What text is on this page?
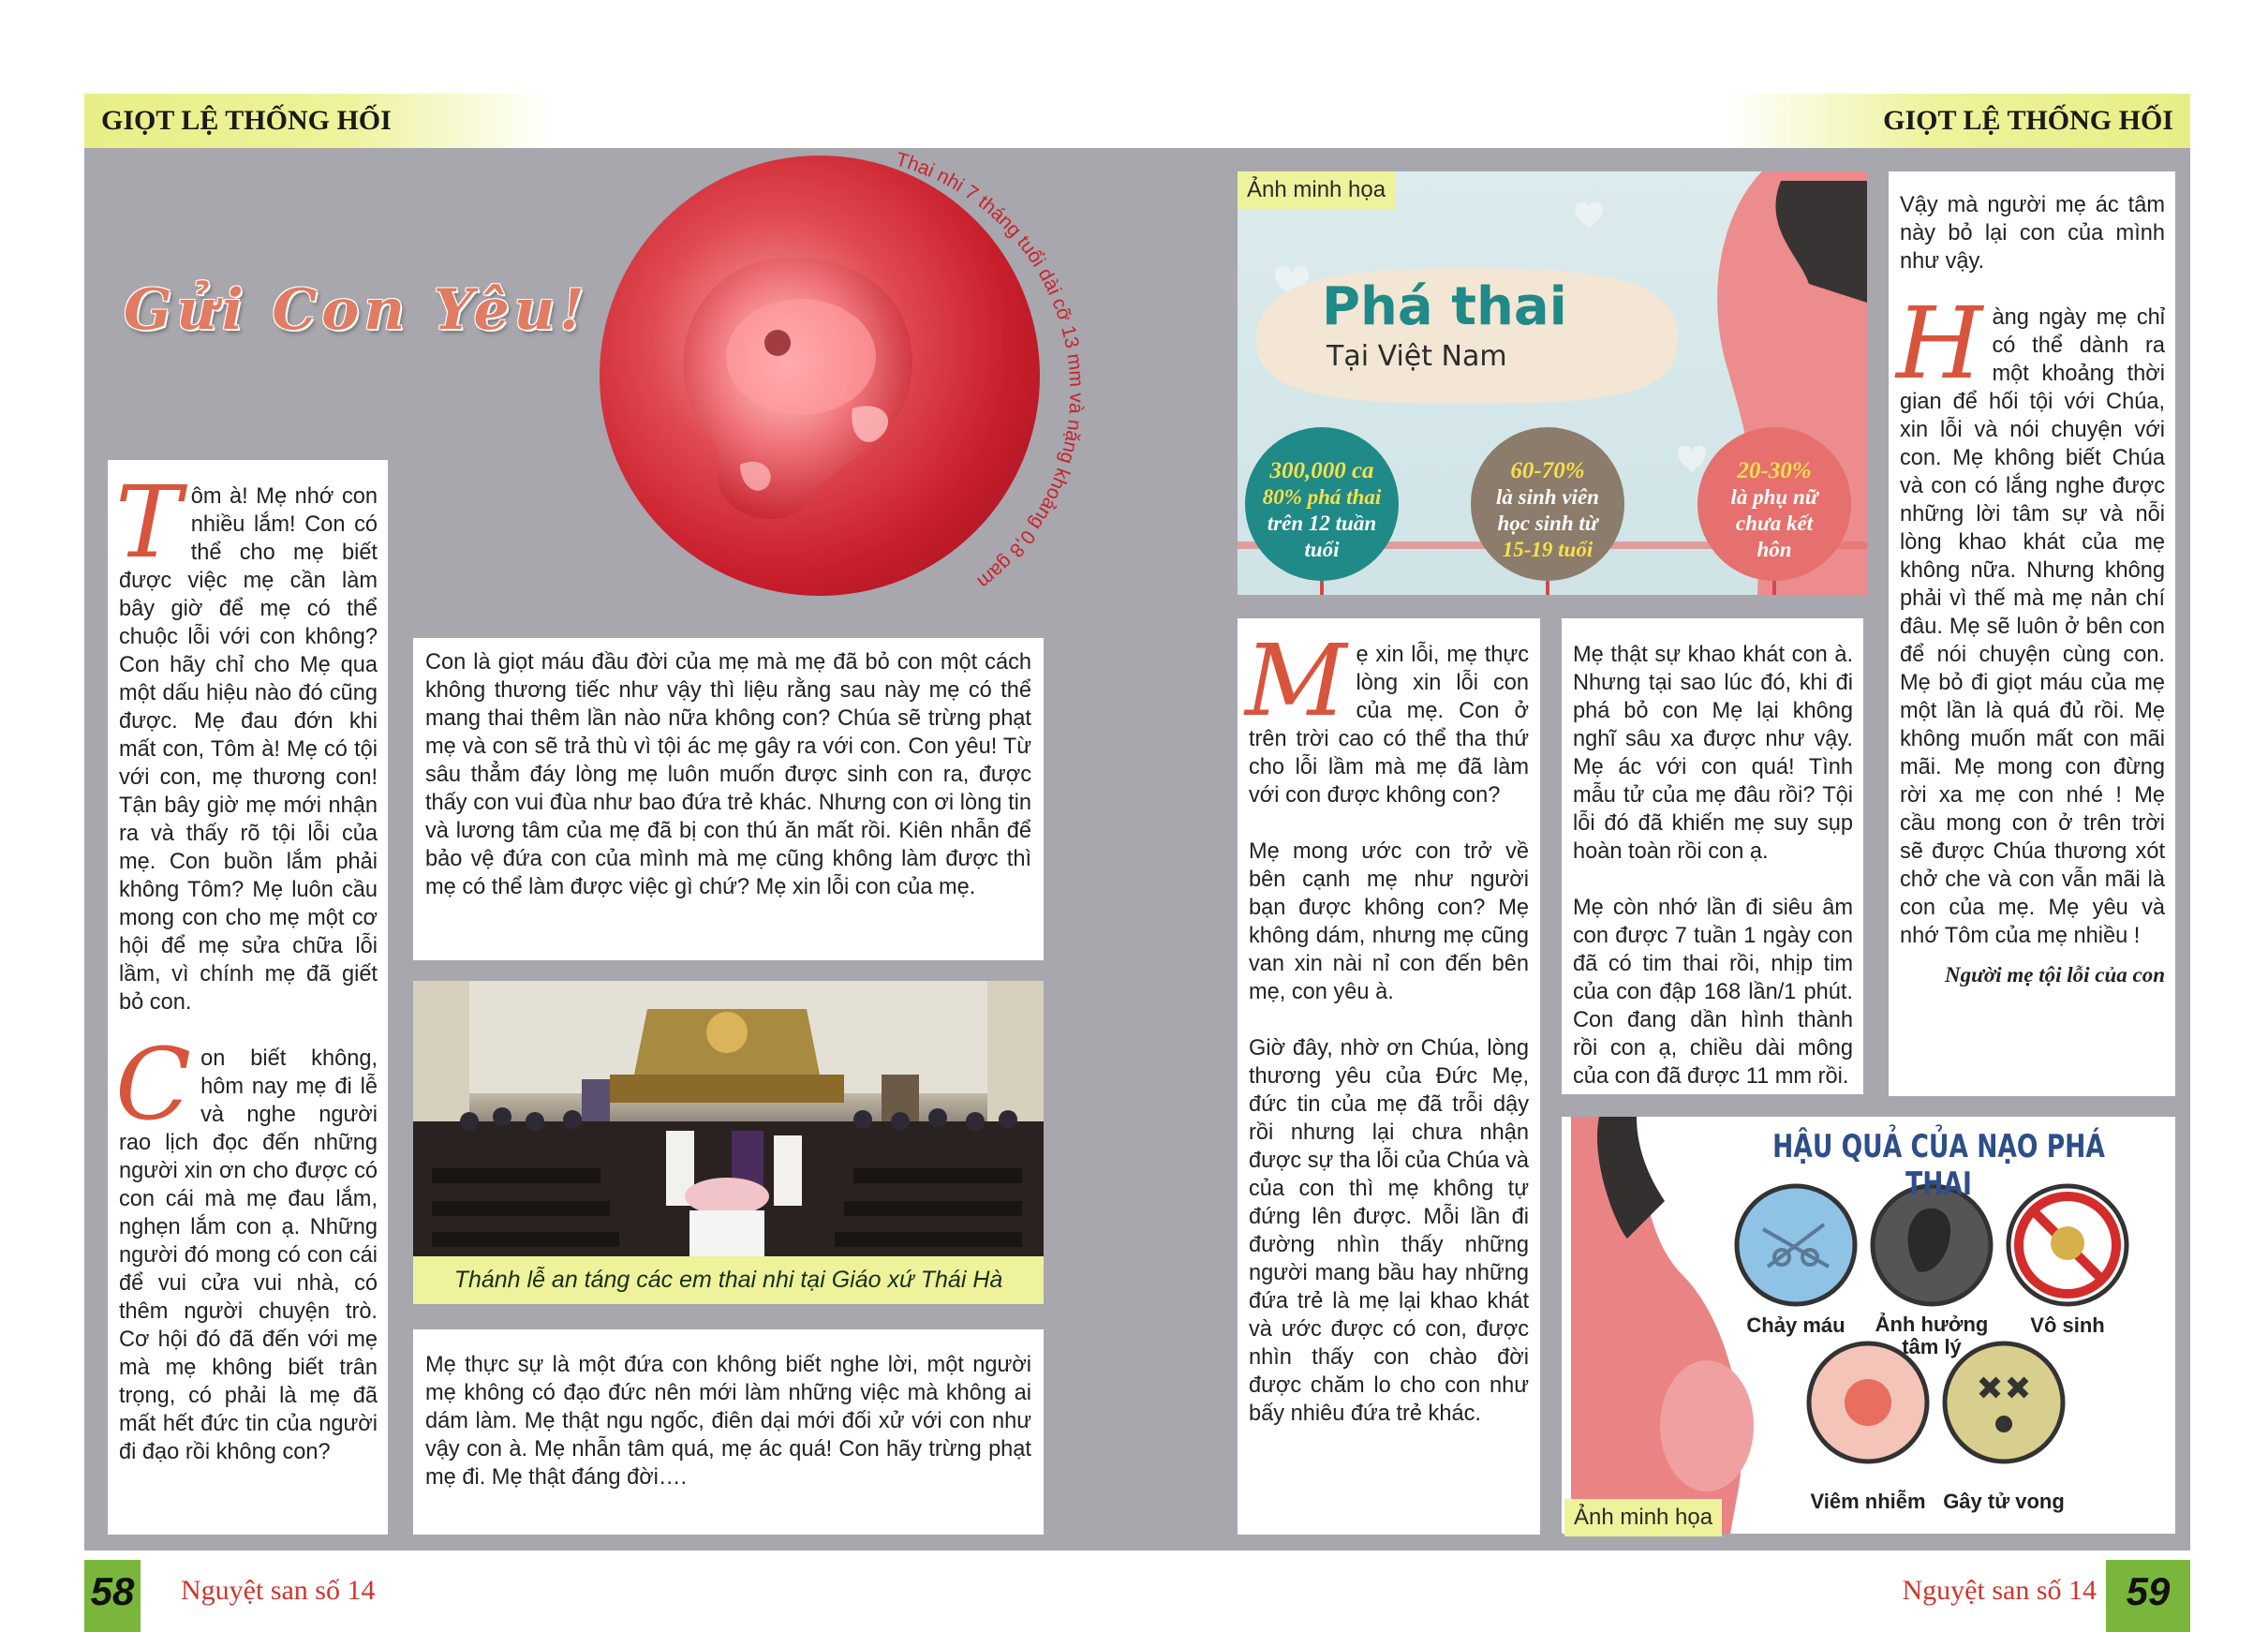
GIỌT LỆ THỐNG HỐI	GIỌT LỆ THỐNG HỐI
Gửi Con Yêu!
Thai nhi 7 tháng tuổi dài cỡ 13 mm và nặng khoảng 0,8 gam

Tôm à! Mẹ nhớ con nhiều lắm! Con có thể cho mẹ biết được việc mẹ cần làm bây giờ để mẹ có thể chuộc lỗi với con không? Con hãy chỉ cho Mẹ qua một dấu hiệu nào đó cũng được. Mẹ đau đớn khi mất con, Tôm à! Mẹ có tội với con, mẹ thương con! Tận bây giờ mẹ mới nhận ra và thấy rõ tội lỗi của mẹ. Con buồn lắm phải không Tôm? Mẹ luôn cầu mong con cho mẹ một cơ hội để mẹ sửa chữa lỗi lầm, vì chính mẹ đã giết bỏ con.

Con biết không, hôm nay mẹ đi lễ và nghe người rao lịch đọc đến những người xin ơn cho được có con cái mà mẹ đau lắm, nghẹn lắm con ạ. Những người đó mong có con cái để vui cửa vui nhà, có thêm người chuyện trò. Cơ hội đó đã đến với mẹ mà mẹ không biết trân trọng, có phải là mẹ đã mất hết đức tin của người đi đạo rồi không con?

Con là giọt máu đầu đời của mẹ mà mẹ đã bỏ con một cách không thương tiếc như vậy thì liệu rằng sau này mẹ có thể mang thai thêm lần nào nữa không con? Chúa sẽ trừng phạt mẹ và con sẽ trả thù vì tội ác mẹ gây ra với con. Con yêu! Từ sâu thẳm đáy lòng mẹ luôn muốn được sinh con ra, được thấy con vui đùa như bao đứa trẻ khác. Nhưng con ơi lòng tin và lương tâm của mẹ đã bị con thú ăn mất rồi. Kiên nhẫn để bảo vệ đứa con của mình mà mẹ cũng không làm được thì mẹ có thể làm được việc gì chứ? Mẹ xin lỗi con của mẹ.

Thánh lễ an táng các em thai nhi tại Giáo xứ Thái Hà

Mẹ thực sự là một đứa con không biết nghe lời, một người mẹ không có đạo đức nên mới làm những việc mà không ai dám làm. Mẹ thật ngu ngốc, điên dại mới đối xử với con như vậy con à. Mẹ nhẫn tâm quá, mẹ ác quá! Con hãy trừng phạt mẹ đi. Mẹ thật đáng đời….

Phá thai
Tại Việt Nam
300,000 ca
80% phá thai
trên 12 tuần
tuổi
60-70%
là sinh viên
học sinh từ
15-19 tuổi
20-30%
là phụ nữ
chưa kết
hôn
Ảnh minh họa

Mẹ xin lỗi, mẹ thực lòng xin lỗi con của mẹ. Con ở trên trời cao có thể tha thứ cho lỗi lầm mà mẹ đã làm với con được không con?

Mẹ mong ước con trở về bên cạnh mẹ như người bạn được không con? Mẹ không dám, nhưng mẹ cũng van xin nài nỉ con đến bên mẹ, con yêu à.

Giờ đây, nhờ ơn Chúa, lòng thương yêu của Đức Mẹ, đức tin của mẹ đã trỗi dậy rồi nhưng lại chưa nhận được sự tha lỗi của Chúa và của con thì mẹ không tự đứng lên được. Mỗi lần đi đường nhìn thấy những người mang bầu hay những đứa trẻ là mẹ lại khao khát và ước được có con, được nhìn thấy con chào đời được chăm lo cho con như bấy nhiêu đứa trẻ khác.

Mẹ thật sự khao khát con à. Nhưng tại sao lúc đó, khi đi phá bỏ con Mẹ lại không nghĩ sâu xa được như vậy. Mẹ ác với con quá! Tình mẫu tử của mẹ đâu rồi? Tội lỗi đó đã khiến mẹ suy sụp hoàn toàn rồi con ạ.

Mẹ còn nhớ lần đi siêu âm con được 7 tuần 1 ngày con đã có tim thai rồi, nhịp tim của con đập 168 lần/1 phút. Con đang dần hình thành rồi con ạ, chiều dài mông của con đã được 11 mm rồi.

Vậy mà người mẹ ác tâm này bỏ lại con của mình như vậy.

Hàng ngày mẹ chỉ có thể dành ra một khoảng thời gian để hối tội với Chúa, xin lỗi và nói chuyện với con. Mẹ không biết Chúa và con có lắng nghe được những lời tâm sự và nỗi lòng khao khát của mẹ không nữa. Nhưng không phải vì thế mà mẹ nản chí đâu. Mẹ sẽ luôn ở bên con để nói chuyện cùng con. Mẹ bỏ đi giọt máu của mẹ một lần là quá đủ rồi. Mẹ không muốn mất con mãi mãi. Mẹ mong con đừng rời xa mẹ con nhé ! Mẹ cầu mong con ở trên trời sẽ được Chúa thương xót chở che và con vẫn mãi là con của mẹ. Mẹ yêu và nhớ Tôm của mẹ nhiều !

Người mẹ tội lỗi của con
HẬU QUẢ CỦA NẠO PHÁ THAI
Chảy máu	Ảnh hưởng
tâm lý
Vô sinh
Viêm nhiễm Gây tử vong
Ảnh minh họa
58 Nguyệt san số 14	Nguyệt san số 14 59
